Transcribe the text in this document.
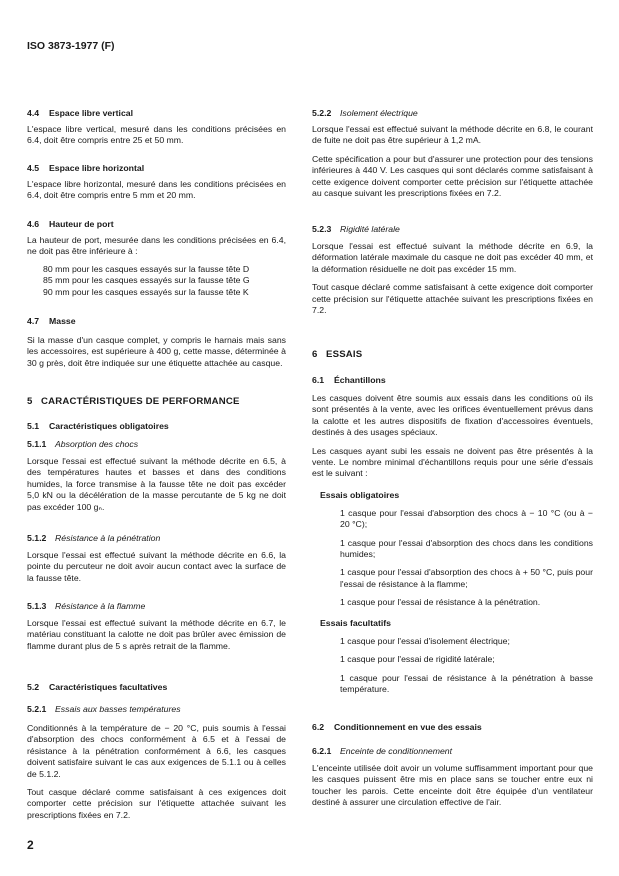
ISO 3873-1977 (F)

4.4 Espace libre vertical

L'espace libre vertical, mesuré dans les conditions précisées en 6.4, doit être compris entre 25 et 50 mm.

4.5 Espace libre horizontal

L'espace libre horizontal, mesuré dans les conditions précisées en 6.4, doit être compris entre 5 mm et 20 mm.

4.6 Hauteur de port

La hauteur de port, mesurée dans les conditions précisées en 6.4, ne doit pas être inférieure à :

80 mm pour les casques essayés sur la fausse tête D

85 mm pour les casques essayés sur la fausse tête G

90 mm pour les casques essayés sur la fausse tête K

4.7 Masse

Si la masse d'un casque complet, y compris le harnais mais sans les accessoires, est supérieure à 400 g, cette masse, déterminée à 30 g près, doit être indiquée sur une étiquette attachée au casque.

5 CARACTÉRISTIQUES DE PERFORMANCE

5.1 Caractéristiques obligatoires

5.1.1 Absorption des chocs

Lorsque l'essai est effectué suivant la méthode décrite en 6.5, à des températures hautes et basses et dans des conditions humides, la force transmise à la fausse tête ne doit pas excéder 5,0 kN ou la décélération de la masse percutante de 5 kg ne doit pas excéder 100 gₙ.

5.1.2 Résistance à la pénétration

Lorsque l'essai est effectué suivant la méthode décrite en 6.6, la pointe du percuteur ne doit avoir aucun contact avec la surface de la fausse tête.

5.1.3 Résistance à la flamme

Lorsque l'essai est effectué suivant la méthode décrite en 6.7, le matériau constituant la calotte ne doit pas brûler avec émission de flamme durant plus de 5 s après retrait de la flamme.

5.2 Caractéristiques facultatives

5.2.1 Essais aux basses températures

Conditionnés à la température de − 20 °C, puis soumis à l'essai d'absorption des chocs conformément à 6.5 et à l'essai de résistance à la pénétration conformément à 6.6, les casques doivent satisfaire suivant le cas aux exigences de 5.1.1 ou à celles de 5.1.2.

Tout casque déclaré comme satisfaisant à ces exigences doit comporter cette précision sur l'étiquette attachée suivant les prescriptions fixées en 7.2.

2

5.2.2 Isolement électrique

Lorsque l'essai est effectué suivant la méthode décrite en 6.8, le courant de fuite ne doit pas être supérieur à 1,2 mA.

Cette spécification a pour but d'assurer une protection pour des tensions inférieures à 440 V. Les casques qui sont déclarés comme satisfaisant à cette exigence doivent comporter cette précision sur l'étiquette attachée au casque suivant les prescriptions fixées en 7.2.

5.2.3 Rigidité latérale

Lorsque l'essai est effectué suivant la méthode décrite en 6.9, la déformation latérale maximale du casque ne doit pas excéder 40 mm, et la déformation résiduelle ne doit pas excéder 15 mm.

Tout casque déclaré comme satisfaisant à cette exigence doit comporter cette précision sur l'étiquette attachée suivant les prescriptions fixées en 7.2.

6 ESSAIS

6.1 Échantillons

Les casques doivent être soumis aux essais dans les conditions où ils sont présentés à la vente, avec les orifices éventuellement prévus dans la calotte et les autres dispositifs de fixation d'accessoires éventuels, destinés à des usages spéciaux.

Les casques ayant subi les essais ne doivent pas être présentés à la vente. Le nombre minimal d'échantillons requis pour une série d'essais est le suivant :

Essais obligatoires

1 casque pour l'essai d'absorption des chocs à − 10 °C (ou à − 20 °C);

1 casque pour l'essai d'absorption des chocs dans les conditions humides;

1 casque pour l'essai d'absorption des chocs à + 50 °C, puis pour l'essai de résistance à la flamme;

1 casque pour l'essai de résistance à la pénétration.

Essais facultatifs

1 casque pour l'essai d'isolement électrique;

1 casque pour l'essai de rigidité latérale;

1 casque pour l'essai de résistance à la pénétration à basse température.

6.2 Conditionnement en vue des essais

6.2.1 Enceinte de conditionnement

L'enceinte utilisée doit avoir un volume suffisamment important pour que les casques puissent être mis en place sans se toucher entre eux ni toucher les parois. Cette enceinte doit être équipée d'un ventilateur destiné à assurer une circulation effective de l'air.
